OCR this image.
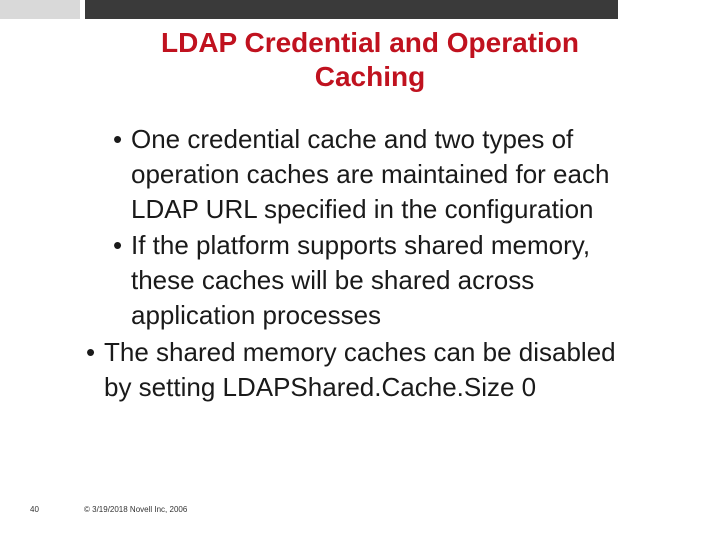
LDAP Credential and Operation
Caching
• One credential cache and two types of
operation caches are maintained for each
LDAP URL specified in the configuration
• If the platform supports shared memory,
these caches will be shared across
application processes
• The shared memory caches can be disabled
by setting LDAPShared.Cache.Size 0
40	© 3/19/2018 Novell Inc, 2006
